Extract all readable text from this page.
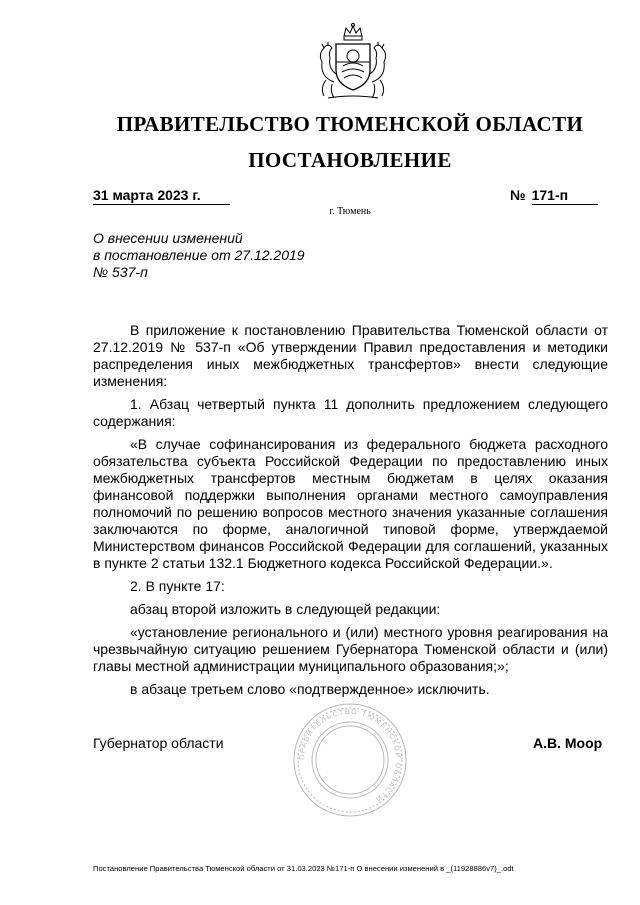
ПРАВИТЕЛЬСТВО ТЮМЕНСКОЙ ОБЛАСТИ
ПОСТАНОВЛЕНИЕ
31 марта 2023 г.	№ 171-п
г. Тюмень
О внесении изменений
в постановление от 27.12.2019
№ 537-п

В приложение к постановлению Правительства Тюменской области от 27.12.2019 № 537-п «Об утверждении Правил предоставления и методики распределения иных межбюджетных трансфертов» внести следующие изменения:

1. Абзац четвертый пункта 11 дополнить предложением следующего содержания:

«В случае софинансирования из федерального бюджета расходного обязательства субъекта Российской Федерации по предоставлению иных межбюджетных трансфертов местным бюджетам в целях оказания финансовой поддержки выполнения органами местного самоуправления полномочий по решению вопросов местного значения указанные соглашения заключаются по форме, аналогичной типовой форме, утверждаемой Министерством финансов Российской Федерации для соглашений, указанных в пункте 2 статьи 132.1 Бюджетного кодекса Российской Федерации.».

2. В пункте 17:

абзац второй изложить в следующей редакции:

«установление регионального и (или) местного уровня реагирования на чрезвычайную ситуацию решением Губернатора Тюменской области и (или) главы местной администрации муниципального образования;»;

в абзаце третьем слово «подтвержденное» исключить.

ПРАВИТЕЛЬСТВО ТЮМЕНСКОЙ ОБЛАСТИ
Губернатор области	А.В. Моор
Постановление Правительства Тюменской области от 31.03.2023 №171-п О внесении изменений в _(11928886v7)_.odt
